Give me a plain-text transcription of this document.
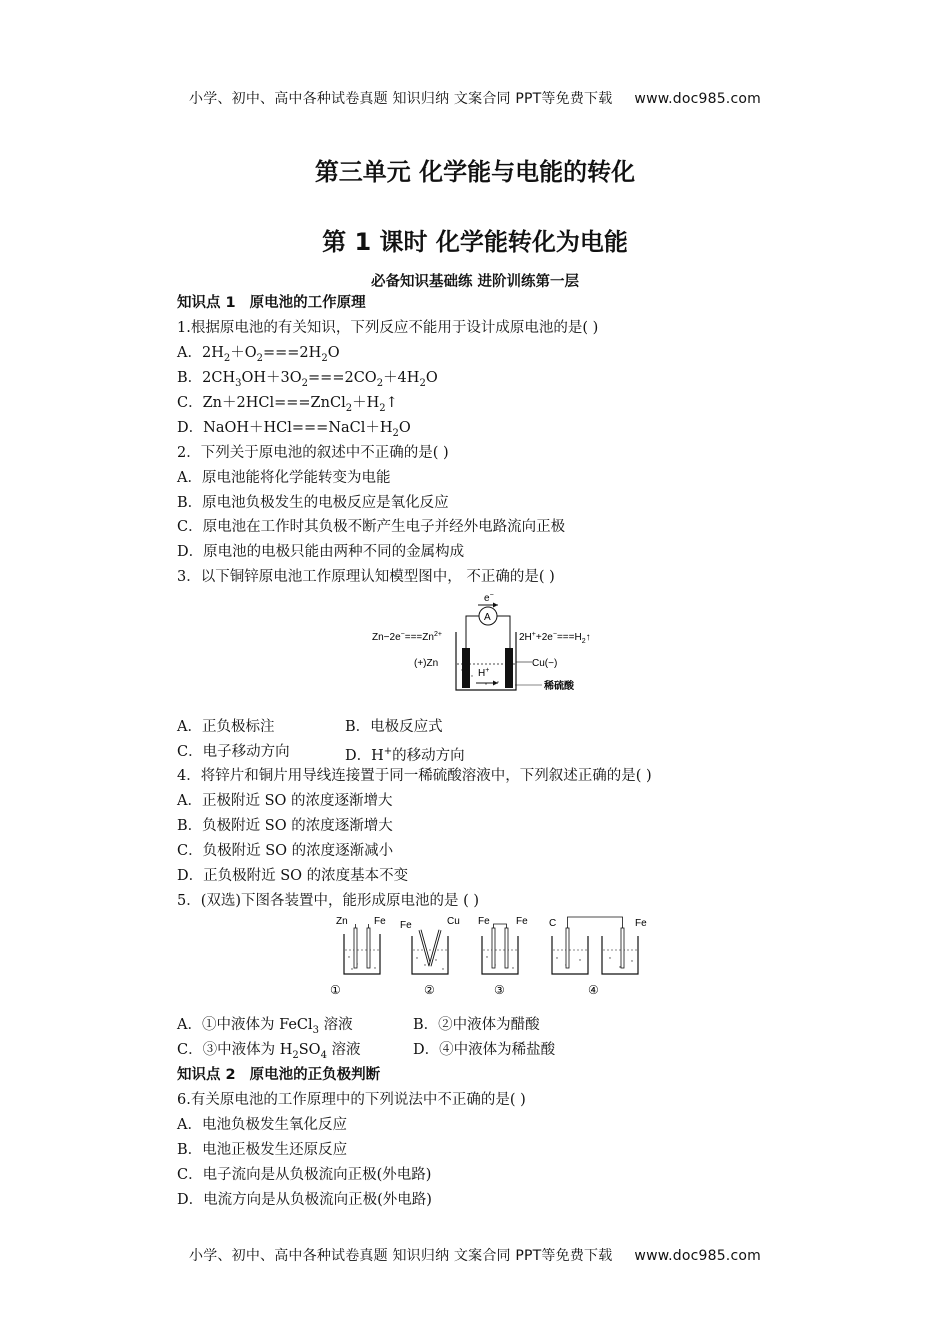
小学、初中、高中各种试卷真题 知识归纳 文案合同 PPT等免费下载 www.doc985.com
第三单元 化学能与电能的转化
第 1 课时 化学能转化为电能
必备知识基础练 进阶训练第一层
知识点 1 原电池的工作原理
1.根据原电池的有关知识，下列反应不能用于设计成原电池的是( )
A．$2H_2+O_2===2H_2O$
B．$2CH_3OH+3O_2===2CO_2+4H_2O$
C．$Zn+2HCl===ZnCl_2+H_2↑$
D．$NaOH+HCl===NaCl+H_2O$
2．下列关于原电池的叙述中不正确的是( )
A．原电池能将化学能转变为电能
B．原电池负极发生的电极反应是氧化反应
C．原电池在工作时其负极不断产生电子并经外电路流向正极
D．原电池的电极只能由两种不同的金属构成
3．以下铜锌原电池工作原理认知模型图中， 不正确的是( )
e−
A
$Zn-2e^-===Zn^{2+}$	$2H^++2e^-===H_2↑$
(+)Zn	Cu(−)
H+
稀硫酸
A．正负极标注	B．电极反应式
C．电子移动方向	D．H+的移动方向
4．将锌片和铜片用导线连接置于同一稀硫酸溶液中，下列叙述正确的是( )
A．正极附近 SO 的浓度逐渐增大
B．负极附近 SO 的浓度逐渐增大
C．负极附近 SO 的浓度逐渐减小
D．正负极附近 SO 的浓度基本不变
5．(双选)下图各装置中，能形成原电池的是 ( )
Zn	Fe Fe	Cu Fe	Fe C	Fe
①	②	③	④
A．①中液体为 FeCl$_3$ 溶液	B．②中液体为醋酸
C．③中液体为 $H_2SO_4$ 溶液	D．④中液体为稀盐酸
知识点 2 原电池的正负极判断
6.有关原电池的工作原理中的下列说法中不正确的是( )
A．电池负极发生氧化反应
B．电池正极发生还原反应
C．电子流向是从负极流向正极(外电路)
D．电流方向是从负极流向正极(外电路)
小学、初中、高中各种试卷真题 知识归纳 文案合同 PPT等免费下载 www.doc985.com
